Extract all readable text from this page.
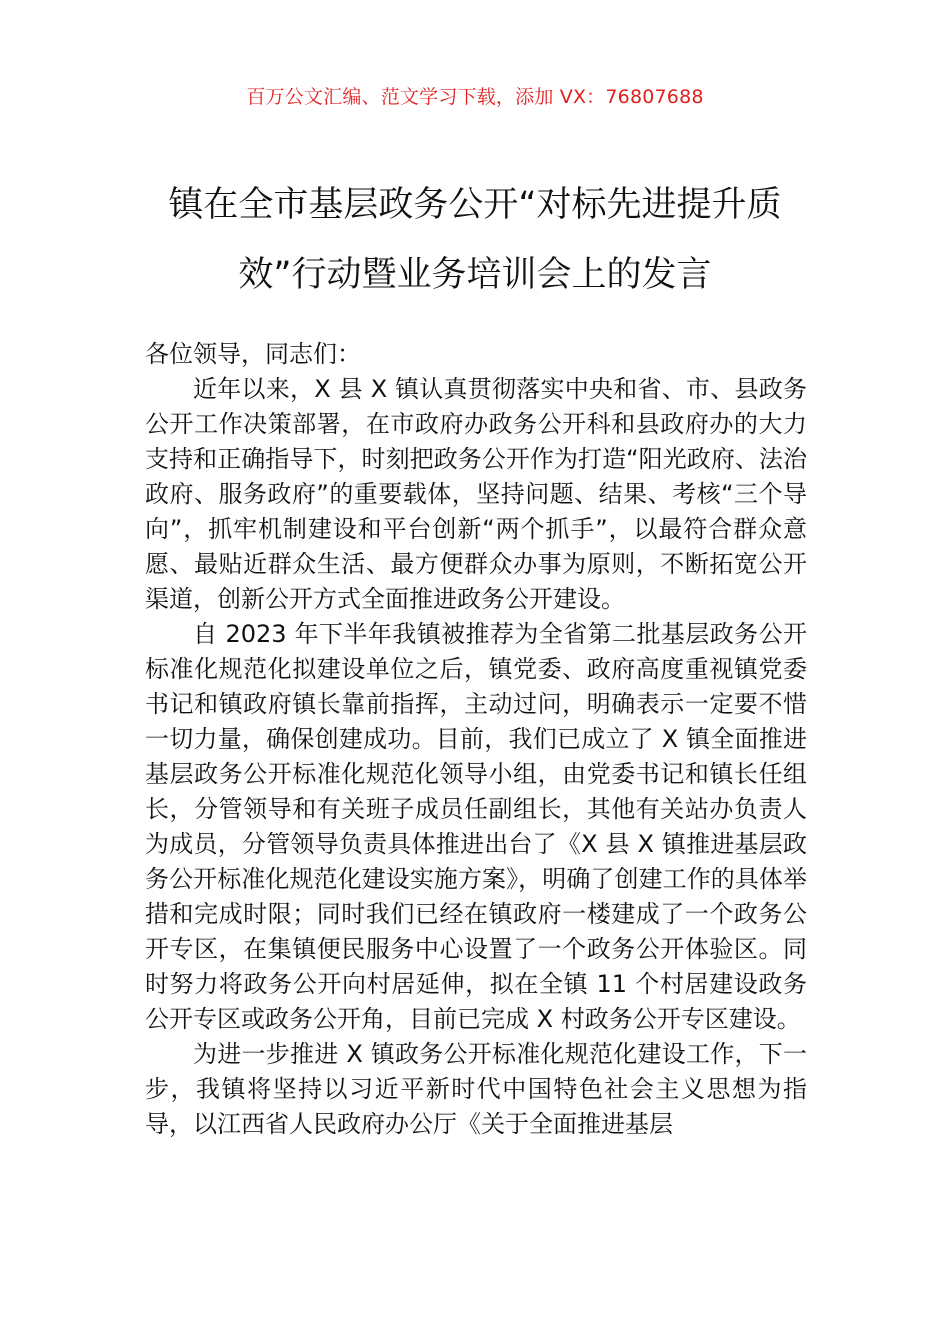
百万公文汇编、范文学习下载，添加 VX：76807688
镇在全市基层政务公开“对标先进提升质
效”行动暨业务培训会上的发言

各位领导，同志们：

近年以来，X 县 X 镇认真贯彻落实中央和省、市、县政务公开工作决策部署，在市政府办政务公开科和县政府办的大力支持和正确指导下，时刻把政务公开作为打造“阳光政府、法治政府、服务政府”的重要载体，坚持问题、结果、考核“三个导向”，抓牢机制建设和平台创新“两个抓手”，以最符合群众意愿、最贴近群众生活、最方便群众办事为原则，不断拓宽公开渠道，创新公开方式全面推进政务公开建设。

自 2023 年下半年我镇被推荐为全省第二批基层政务公开标准化规范化拟建设单位之后，镇党委、政府高度重视镇党委书记和镇政府镇长靠前指挥，主动过问，明确表示一定要不惜一切力量，确保创建成功。目前，我们已成立了 X 镇全面推进基层政务公开标准化规范化领导小组，由党委书记和镇长任组长，分管领导和有关班子成员任副组长，其他有关站办负责人为成员，分管领导负责具体推进出台了《X 县 X 镇推进基层政务公开标准化规范化建设实施方案》，明确了创建工作的具体举措和完成时限；同时我们已经在镇政府一楼建成了一个政务公开专区，在集镇便民服务中心设置了一个政务公开体验区。同时努力将政务公开向村居延伸，拟在全镇 11 个村居建设政务公开专区或政务公开角，目前已完成 X 村政务公开专区建设。

为进一步推进 X 镇政务公开标准化规范化建设工作，下一步，我镇将坚持以习近平新时代中国特色社会主义思想为指导，以江西省人民政府办公厅《关于全面推进基层
